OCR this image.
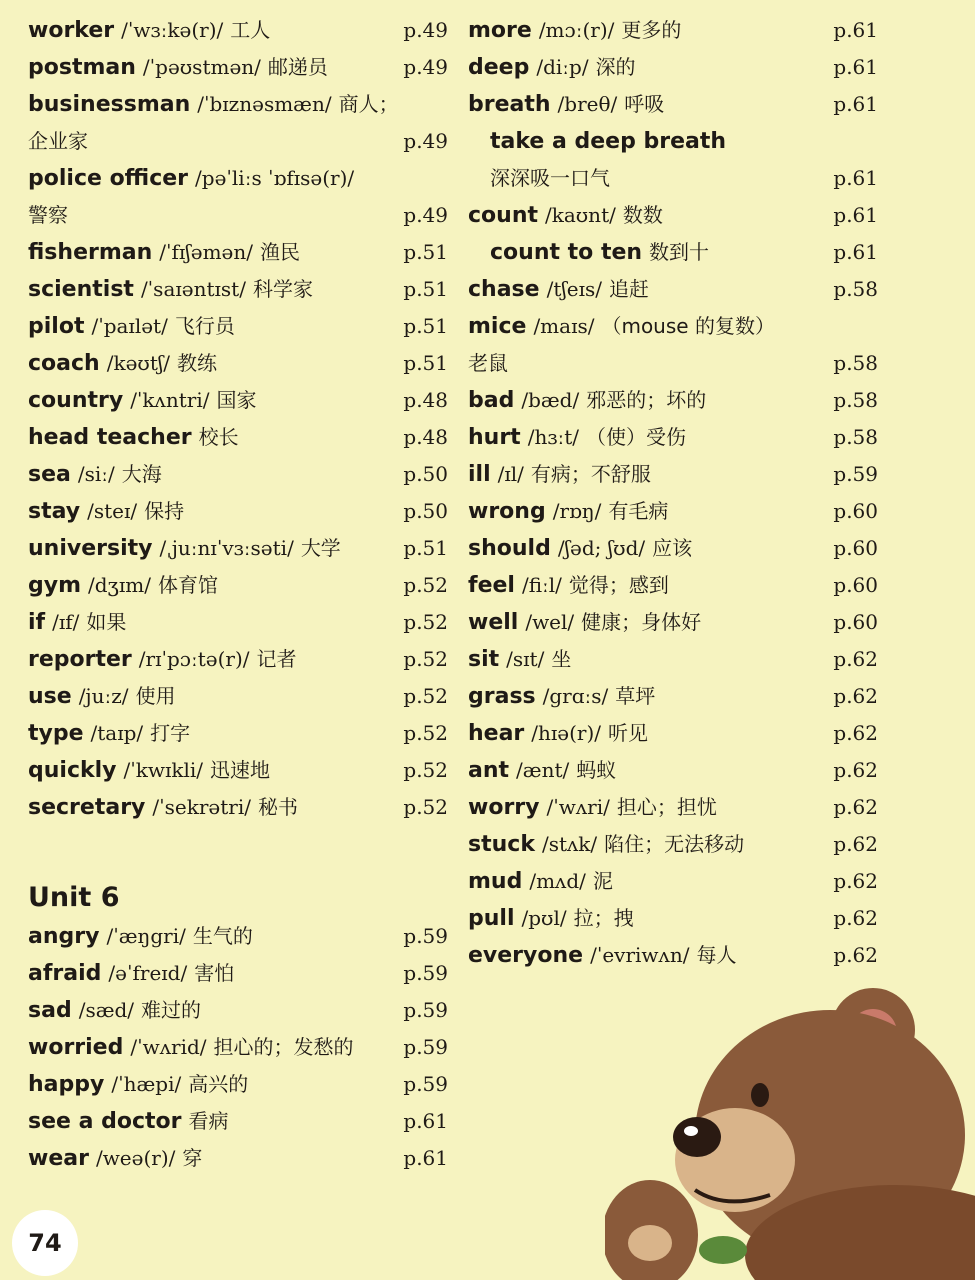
worker /ˈwɜːkə(r)/ 工人	p.49
postman /ˈpəʊstmən/ 邮递员	p.49
businessman /ˈbɪznəsmæn/ 商人；
企业家	p.49
police officer /pəˈliːs ˈɒfɪsə(r)/
警察	p.49
fisherman /ˈfɪʃəmən/ 渔民	p.51
scientist /ˈsaɪəntɪst/ 科学家	p.51
pilot /ˈpaɪlət/ 飞行员	p.51
coach /kəʊtʃ/ 教练	p.51
country /ˈkʌntri/ 国家	p.48
head teacher 校长	p.48
sea /siː/ 大海	p.50
stay /steɪ/ 保持	p.50
university /ˌjuːnɪˈvɜːsəti/ 大学	p.51
gym /dʒɪm/ 体育馆	p.52
if /ɪf/ 如果	p.52
reporter /rɪˈpɔːtə(r)/ 记者	p.52
use /juːz/ 使用	p.52
type /taɪp/ 打字	p.52
quickly /ˈkwɪkli/ 迅速地	p.52
secretary /ˈsekrətri/ 秘书	p.52
Unit 6
angry /ˈæŋgri/ 生气的	p.59
afraid /əˈfreɪd/ 害怕	p.59
sad /sæd/ 难过的	p.59
worried /ˈwʌrid/ 担心的；发愁的	p.59
happy /ˈhæpi/ 高兴的	p.59
see a doctor 看病	p.61
wear /weə(r)/ 穿	p.61
more /mɔː(r)/ 更多的	p.61
deep /diːp/ 深的	p.61
breath /breθ/ 呼吸	p.61
take a deep breath
深深吸一口气	p.61
count /kaʊnt/ 数数	p.61
count to ten 数到十	p.61
chase /tʃeɪs/ 追赶	p.58
mice /maɪs/ （mouse 的复数）
老鼠	p.58
bad /bæd/ 邪恶的；坏的	p.58
hurt /hɜːt/ （使）受伤	p.58
ill /ɪl/ 有病；不舒服	p.59
wrong /rɒŋ/ 有毛病	p.60
should /ʃəd; ʃʊd/ 应该	p.60
feel /fiːl/ 觉得；感到	p.60
well /wel/ 健康；身体好	p.60
sit /sɪt/ 坐	p.62
grass /grɑːs/ 草坪	p.62
hear /hɪə(r)/ 听见	p.62
ant /ænt/ 蚂蚁	p.62
worry /ˈwʌri/ 担心；担忧	p.62
stuck /stʌk/ 陷住；无法移动	p.62
mud /mʌd/ 泥	p.62
pull /pʊl/ 拉；拽	p.62
everyone /ˈevriwʌn/ 每人	p.62
74
